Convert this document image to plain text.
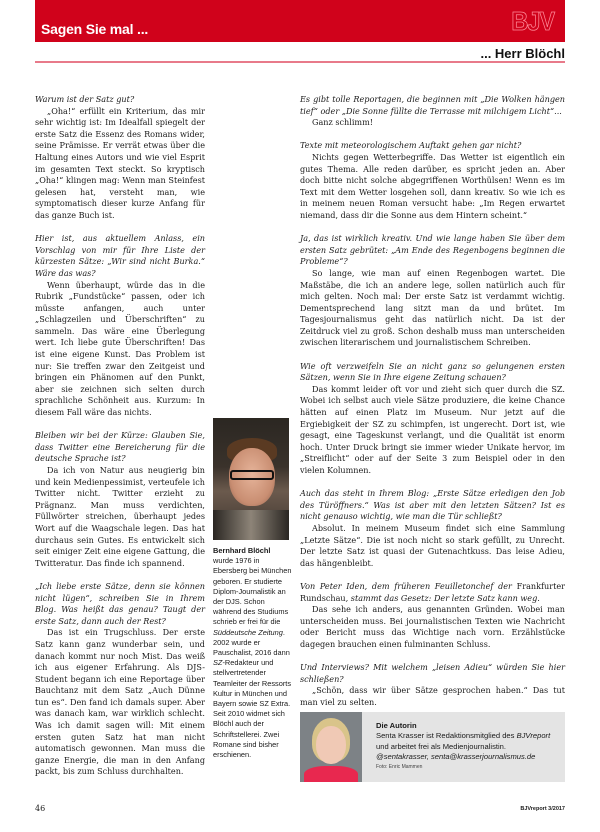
Sagen Sie mal ...	BJV
... Herr Blöchl

Warum ist der Satz gut?

„Oha!“ erfüllt ein Kriterium, das mir sehr wichtig ist: Im Idealfall spiegelt der erste Satz die Essenz des Romans wider, seine Prämisse. Er verrät etwas über die Haltung eines Autors und wie viel Esprit im gesamten Text steckt. So kryptisch „Oha!“ klingen mag: Wenn man Steinfest gelesen hat, versteht man, wie symptomatisch dieser kurze Anfang für das ganze Buch ist.

Hier ist, aus aktuellem Anlass, ein Vorschlag von mir für Ihre Liste der kürzesten Sätze: „Wir sind nicht Burka.“ Wäre das was?

Wenn überhaupt, würde das in die Rubrik „Fundstücke“ passen, oder ich müsste anfangen, auch unter „Schlagzeilen und Überschriften“ zu sammeln. Das wäre eine Überlegung wert. Ich liebe gute Überschriften! Das ist eine eigene Kunst. Das Problem ist nur: Sie treffen zwar den Zeitgeist und bringen ein Phänomen auf den Punkt, aber sie zeichnen sich selten durch sprachliche Schönheit aus. Kurzum: In diesem Fall wäre das nichts.

Bleiben wir bei der Kürze: Glauben Sie, dass Twitter eine Bereicherung für die deutsche Sprache ist?

Da ich von Natur aus neugierig bin und kein Medienpessimist, verteufele ich Twitter nicht. Twitter erzieht zu Prägnanz. Man muss verdichten, Füllwörter streichen, überhaupt jedes Wort auf die Waagschale legen. Das hat durchaus sein Gutes. Es entwickelt sich seit einiger Zeit eine eigene Gattung, die Twitteratur. Das finde ich spannend.

„Ich liebe erste Sätze, denn sie können nicht lügen“, schreiben Sie in Ihrem Blog. Was heißt das genau? Taugt der erste Satz, dann auch der Rest?

Das ist ein Trugschluss. Der erste Satz kann ganz wunderbar sein, und danach kommt nur noch Mist. Das weiß ich aus eigener Erfahrung. Als DJS-Student begann ich eine Reportage über Bauchtanz mit dem Satz „Auch Dünne tun es“. Den fand ich damals super. Aber was danach kam, war wirklich schlecht. Was ich damit sagen will: Mit einem ersten guten Satz hat man nicht automatisch gewonnen. Man muss die ganze Energie, die man in den Anfang packt, bis zum Schluss durchhalten.

Bernhard Blöchl
wurde 1976 in Ebersberg bei München geboren. Er studierte Diplom-Journalistik an der DJS. Schon während des Studiums schrieb er frei für die Süddeutsche Zeitung. 2002 wurde er Pauschalist, 2016 dann SZ-Redakteur und stellvertretender Teamleiter der Ressorts Kultur in München und Bayern sowie SZ Extra. Seit 2010 widmet sich Blöchl auch der Schriftstellerei. Zwei Romane sind bisher erschienen.

Es gibt tolle Reportagen, die beginnen mit „Die Wolken hängen tief“ oder „Die Sonne füllte die Terrasse mit milchigem Licht“...

Ganz schlimm!

Texte mit meteorologischem Auftakt gehen gar nicht?

Nichts gegen Wetterbegriffe. Das Wetter ist eigentlich ein gutes Thema. Alle reden darüber, es spricht jeden an. Aber doch bitte nicht solche abgegriffenen Worthülsen! Wenn es im Text mit dem Wetter losgehen soll, dann kreativ. So wie ich es in meinem neuen Roman versucht habe: „Im Regen erwartet niemand, dass dir die Sonne aus dem Hintern scheint.“

Ja, das ist wirklich kreativ. Und wie lange haben Sie über dem ersten Satz gebrütet: „Am Ende des Regenbogens beginnen die Probleme“?

So lange, wie man auf einen Regenbogen wartet. Die Maßstäbe, die ich an andere lege, sollen natürlich auch für mich gelten. Noch mal: Der erste Satz ist verdammt wichtig. Dementsprechend lang sitzt man da und brütet. Im Tagesjournalismus geht das natürlich nicht. Da ist der Zeitdruck viel zu groß. Schon deshalb muss man unterscheiden zwischen literarischem und journalistischem Schreiben.

Wie oft verzweifeln Sie an nicht ganz so gelungenen ersten Sätzen, wenn Sie in Ihre eigene Zeitung schauen?

Das kommt leider oft vor und zieht sich quer durch die SZ. Wobei ich selbst auch viele Sätze produziere, die keine Chance hätten auf einen Platz im Museum. Nur jetzt auf die Ergiebigkeit der SZ zu schimpfen, ist ungerecht. Dort ist, wie gesagt, eine Tageskunst verlangt, und die Qualität ist enorm hoch. Unter Druck bringt sie immer wieder Unikate hervor, im „Streiflicht“ oder auf der Seite 3 zum Beispiel oder in den vielen Kolumnen.

Auch das steht in Ihrem Blog: „Erste Sätze erledigen den Job des Türöffners.“ Was ist aber mit den letzten Sätzen? Ist es nicht genauso wichtig, wie man die Tür schließt?

Absolut. In meinem Museum findet sich eine Sammlung „Letzte Sätze“. Die ist noch nicht so stark gefüllt, zu Unrecht. Der letzte Satz ist quasi der Gutenachtkuss. Das leise Adieu, das hängenbleibt.

Von Peter Iden, dem früheren Feuilletonchef der Frankfurter Rundschau, stammt das Gesetz: Der letzte Satz kann weg.

Das sehe ich anders, aus genannten Gründen. Wobei man unterscheiden muss. Bei journalistischen Texten wie Nachricht oder Bericht muss das Wichtige nach vorn. Erzählstücke dagegen brauchen einen fulminanten Schluss.

Und Interviews? Mit welchem „leisen Adieu“ würden Sie hier schließen?

„Schön, dass wir über Sätze gesprochen haben.“ Das tut man viel zu selten.

Die Autorin
Senta Krasser ist Redaktionsmitglied des BJVreport
und arbeitet frei als Medienjournalistin.
@sentakrasser, senta@krasserjournalismus.de
Foto: Enric Mammen
46	BJVreport 3/2017
